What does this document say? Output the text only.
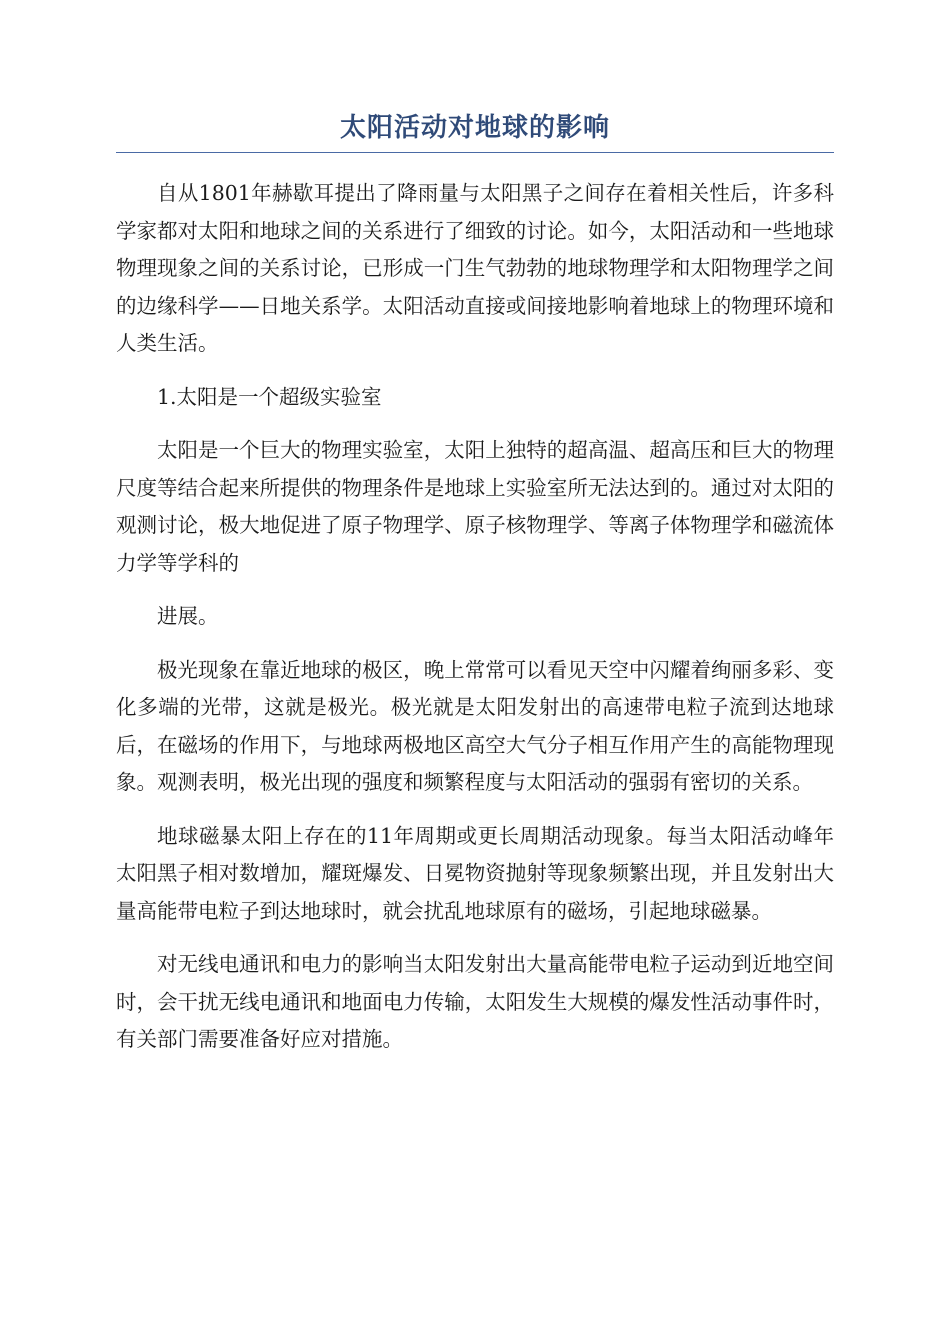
太阳活动对地球的影响

自从1801年赫歇耳提出了降雨量与太阳黑子之间存在着相关性后，许多科学家都对太阳和地球之间的关系进行了细致的讨论。如今，太阳活动和一些地球物理现象之间的关系讨论，已形成一门生气勃勃的地球物理学和太阳物理学之间的边缘科学——日地关系学。太阳活动直接或间接地影响着地球上的物理环境和人类生活。

1.太阳是一个超级实验室

太阳是一个巨大的物理实验室，太阳上独特的超高温、超高压和巨大的物理尺度等结合起来所提供的物理条件是地球上实验室所无法达到的。通过对太阳的观测讨论，极大地促进了原子物理学、原子核物理学、等离子体物理学和磁流体力学等学科的

进展。

极光现象在靠近地球的极区，晚上常常可以看见天空中闪耀着绚丽多彩、变化多端的光带，这就是极光。极光就是太阳发射出的高速带电粒子流到达地球后，在磁场的作用下，与地球两极地区高空大气分子相互作用产生的高能物理现象。观测表明，极光出现的强度和频繁程度与太阳活动的强弱有密切的关系。

地球磁暴太阳上存在的11年周期或更长周期活动现象。每当太阳活动峰年太阳黑子相对数增加，耀斑爆发、日冕物资抛射等现象频繁出现，并且发射出大量高能带电粒子到达地球时，就会扰乱地球原有的磁场，引起地球磁暴。

对无线电通讯和电力的影响当太阳发射出大量高能带电粒子运动到近地空间时，会干扰无线电通讯和地面电力传输，太阳发生大规模的爆发性活动事件时，有关部门需要准备好应对措施。
